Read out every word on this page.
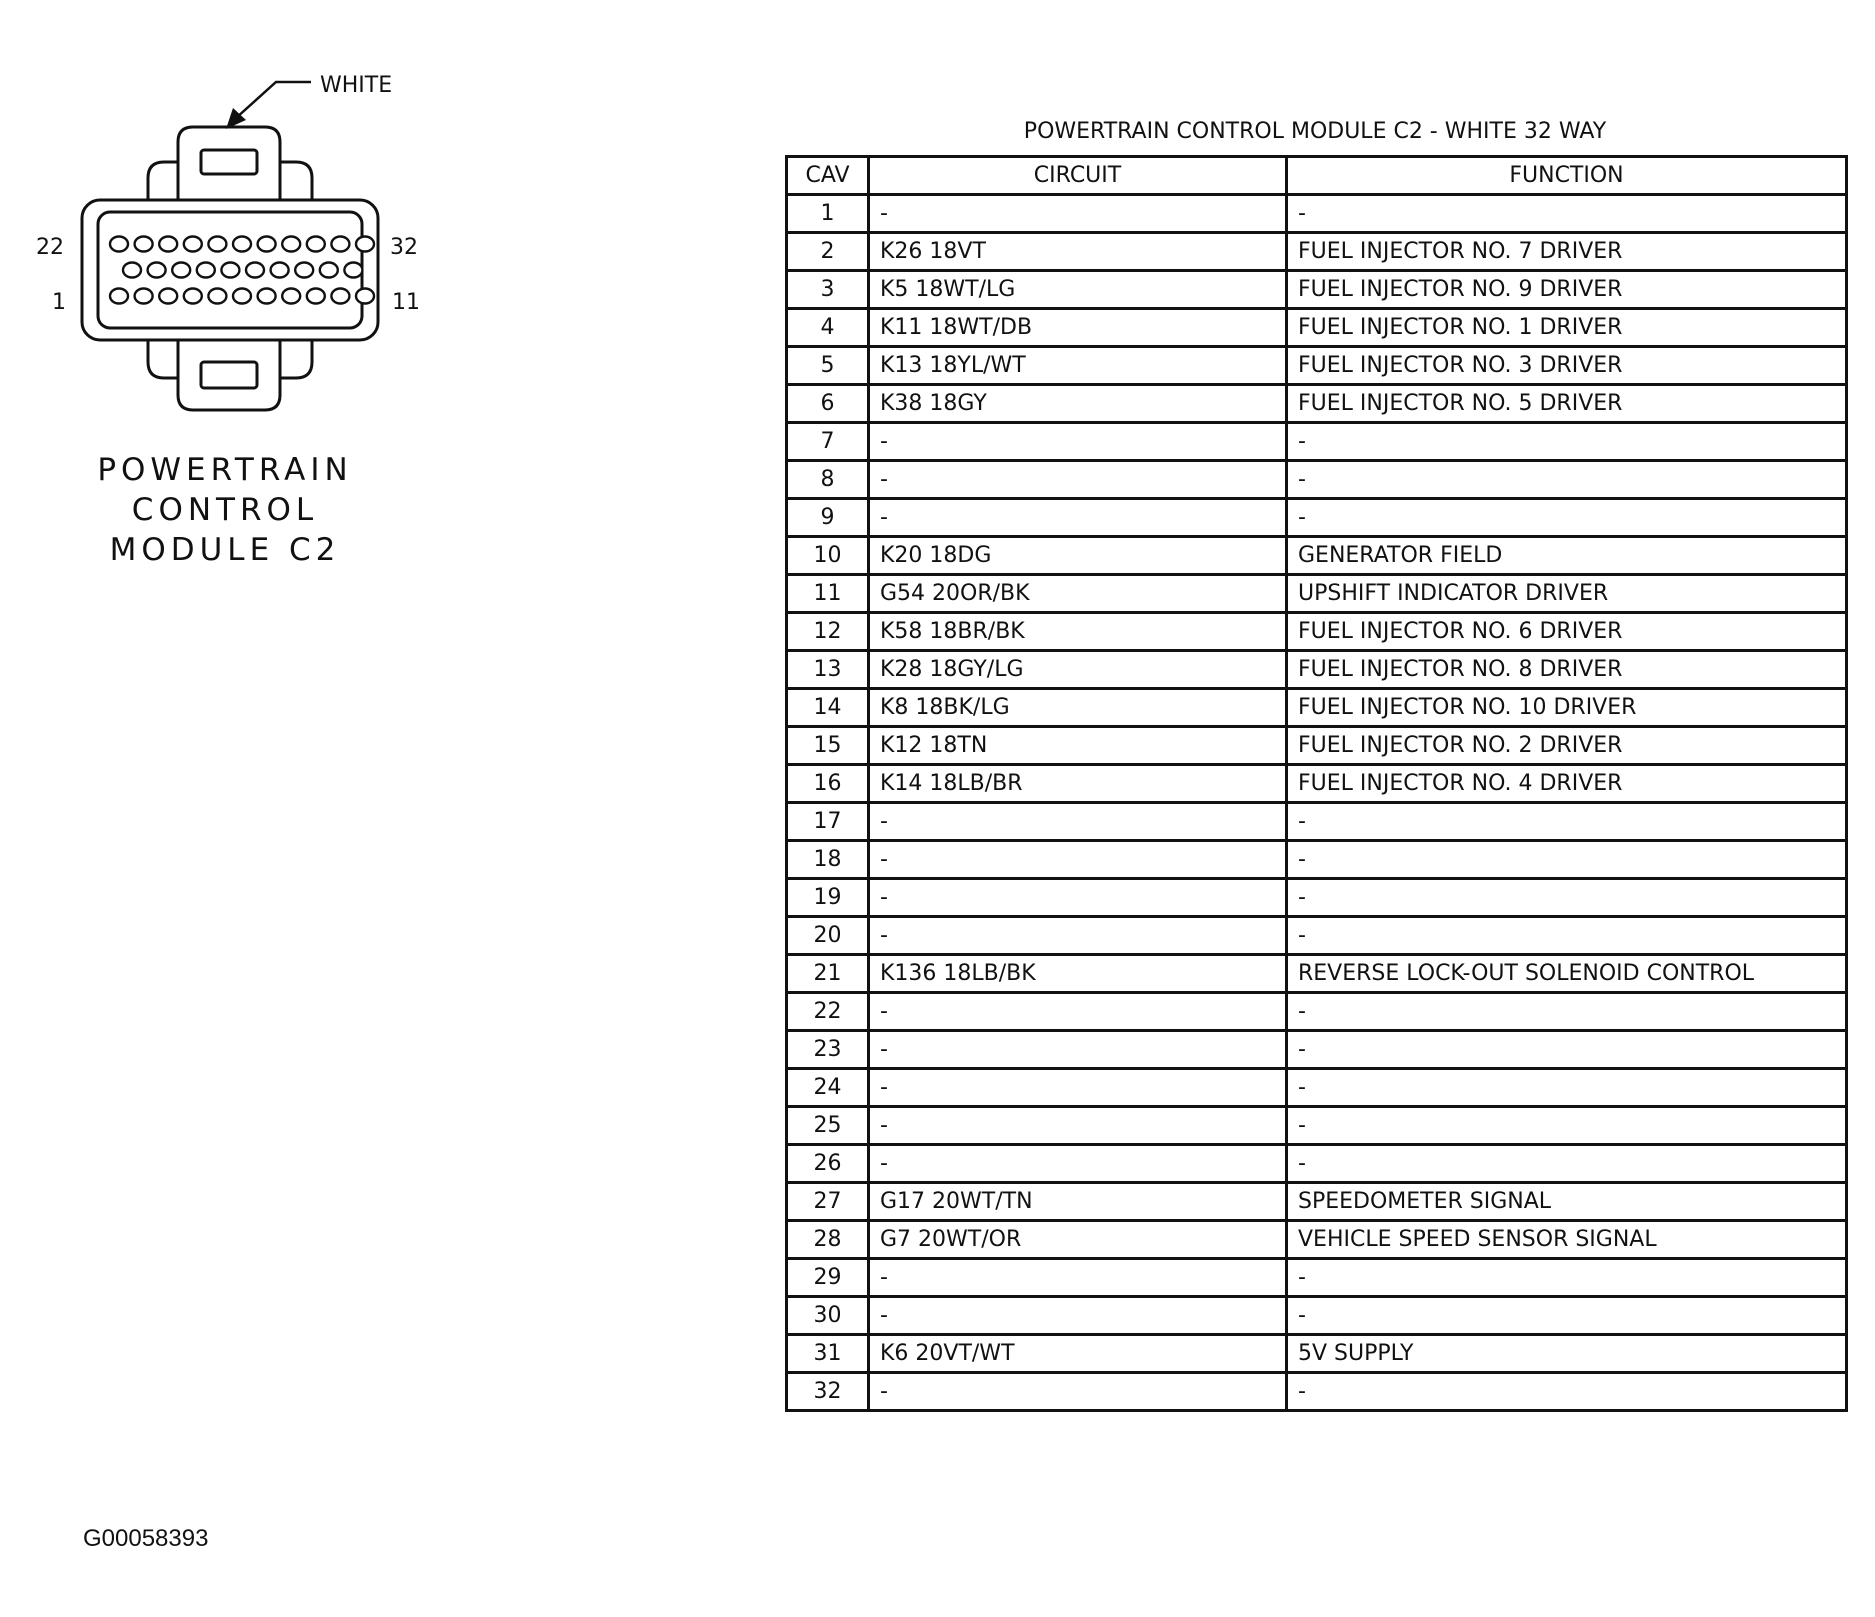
WHITE
22	32
1	11
POWERTRAIN
CONTROL
MODULE C2
POWERTRAIN CONTROL MODULE C2 - WHITE 32 WAY
CAV	CIRCUIT	FUNCTION
1	-	-
2	K26 18VT	FUEL INJECTOR NO. 7 DRIVER
3	K5 18WT/LG	FUEL INJECTOR NO. 9 DRIVER
4	K11 18WT/DB	FUEL INJECTOR NO. 1 DRIVER
5	K13 18YL/WT	FUEL INJECTOR NO. 3 DRIVER
6	K38 18GY	FUEL INJECTOR NO. 5 DRIVER
7	-	-
8	-	-
9	-	-
10	K20 18DG	GENERATOR FIELD
11	G54 20OR/BK	UPSHIFT INDICATOR DRIVER
12	K58 18BR/BK	FUEL INJECTOR NO. 6 DRIVER
13	K28 18GY/LG	FUEL INJECTOR NO. 8 DRIVER
14	K8 18BK/LG	FUEL INJECTOR NO. 10 DRIVER
15	K12 18TN	FUEL INJECTOR NO. 2 DRIVER
16	K14 18LB/BR	FUEL INJECTOR NO. 4 DRIVER
17	-	-
18	-	-
19	-	-
20	-	-
21	K136 18LB/BK	REVERSE LOCK-OUT SOLENOID CONTROL
22	-	-
23	-	-
24	-	-
25	-	-
26	-	-
27	G17 20WT/TN	SPEEDOMETER SIGNAL
28	G7 20WT/OR	VEHICLE SPEED SENSOR SIGNAL
29	-	-
30	-	-
31	K6 20VT/WT	5V SUPPLY
32	-	-
G00058393
